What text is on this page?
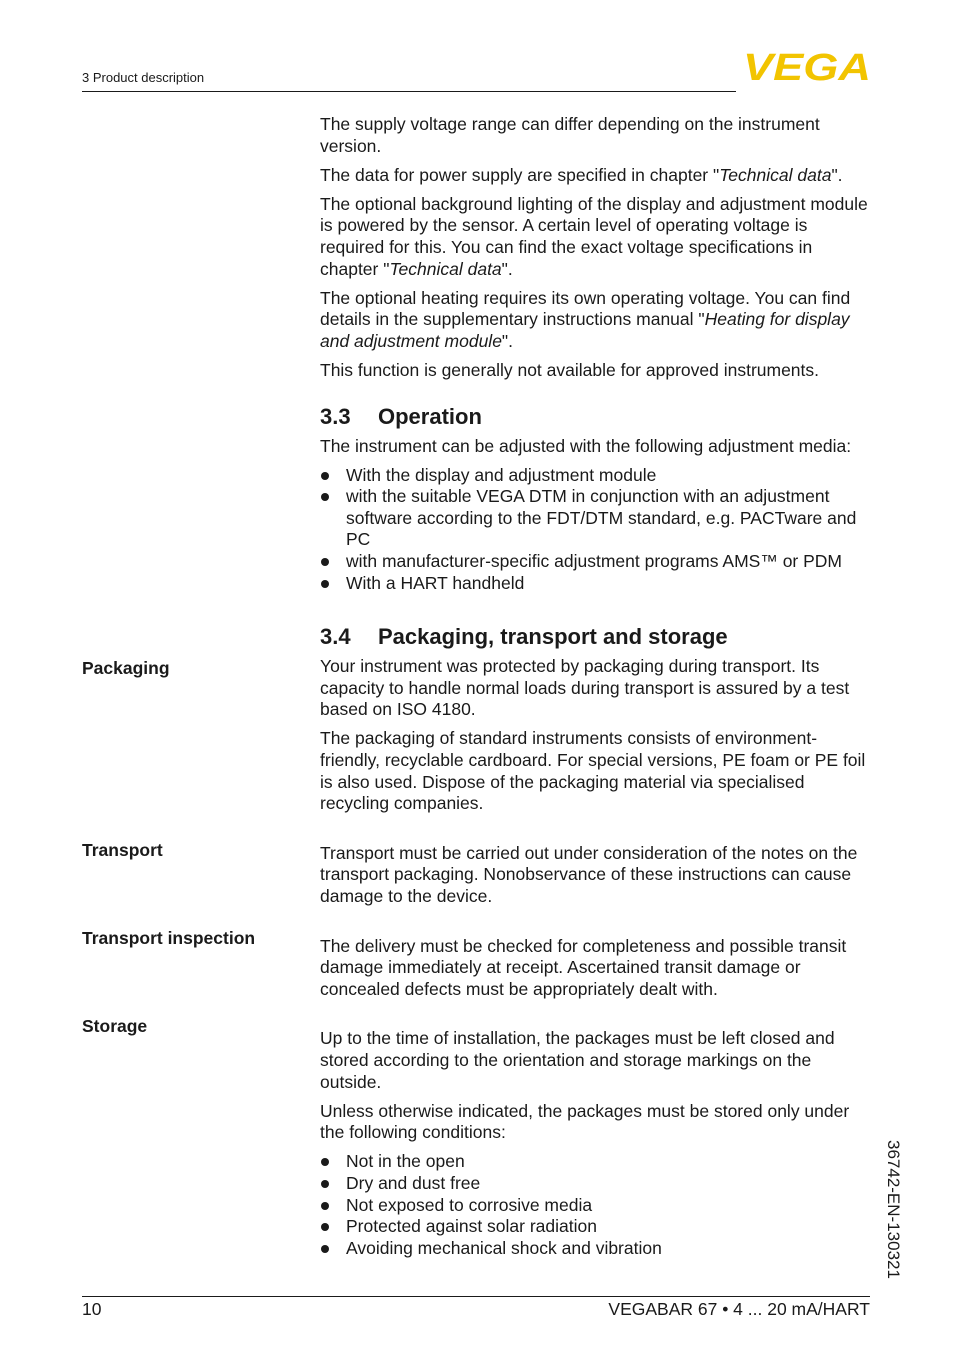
3 Product description	VEGA

The supply voltage range can differ depending on the instrument version.

The data for power supply are specified in chapter "Technical data".

The optional background lighting of the display and adjustment module is powered by the sensor. A certain level of operating voltage is required for this. You can find the exact voltage specifications in chapter "Technical data".

The optional heating requires its own operating voltage. You can find details in the supplementary instructions manual "Heating for display and adjustment module".

This function is generally not available for approved instruments.

3.3 Operation

The instrument can be adjusted with the following adjustment media:

With the display and adjustment module
with the suitable VEGA DTM in conjunction with an adjustment software according to the FDT/DTM standard, e.g. PACTware and PC
with manufacturer-specific adjustment programs AMS™ or PDM
With a HART handheld
3.4 Packaging, transport and storage

Your instrument was protected by packaging during transport. Its capacity to handle normal loads during transport is assured by a test based on ISO 4180.

The packaging of standard instruments consists of environment-friendly, recyclable cardboard. For special versions, PE foam or PE foil is also used. Dispose of the packaging material via specialised recycling companies.

Transport must be carried out under consideration of the notes on the transport packaging. Nonobservance of these instructions can cause damage to the device.

The delivery must be checked for completeness and possible transit damage immediately at receipt. Ascertained transit damage or concealed defects must be appropriately dealt with.

Up to the time of installation, the packages must be left closed and stored according to the orientation and storage markings on the outside.

Unless otherwise indicated, the packages must be stored only under the following conditions:

Not in the open
Dry and dust free
Not exposed to corrosive media
Protected against solar radiation
Avoiding mechanical shock and vibration
Packaging
Transport
Transport inspection
Storage
36742-EN-130321
10	VEGABAR 67 • 4 ... 20 mA/HART
